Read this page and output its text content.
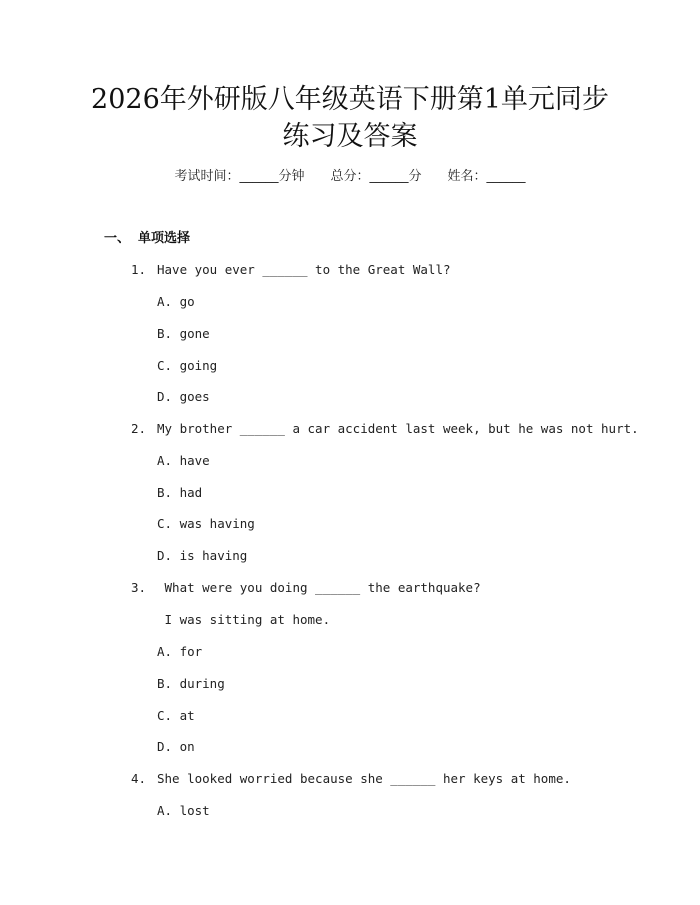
2026年外研版八年级英语下册第1单元同步
练习及答案
考试时间：______分钟 总分：______分 姓名：______
一、 单项选择
1. Have you ever ______ to the Great Wall?
A. go
B. gone
C. going
D. goes
2. My brother ______ a car accident last week, but he was not hurt.
A. have
B. had
C. was having
D. is having
3. What were you doing ______ the earthquake?
I was sitting at home.
A. for
B. during
C. at
D. on
4. She looked worried because she ______ her keys at home.
A. lost
